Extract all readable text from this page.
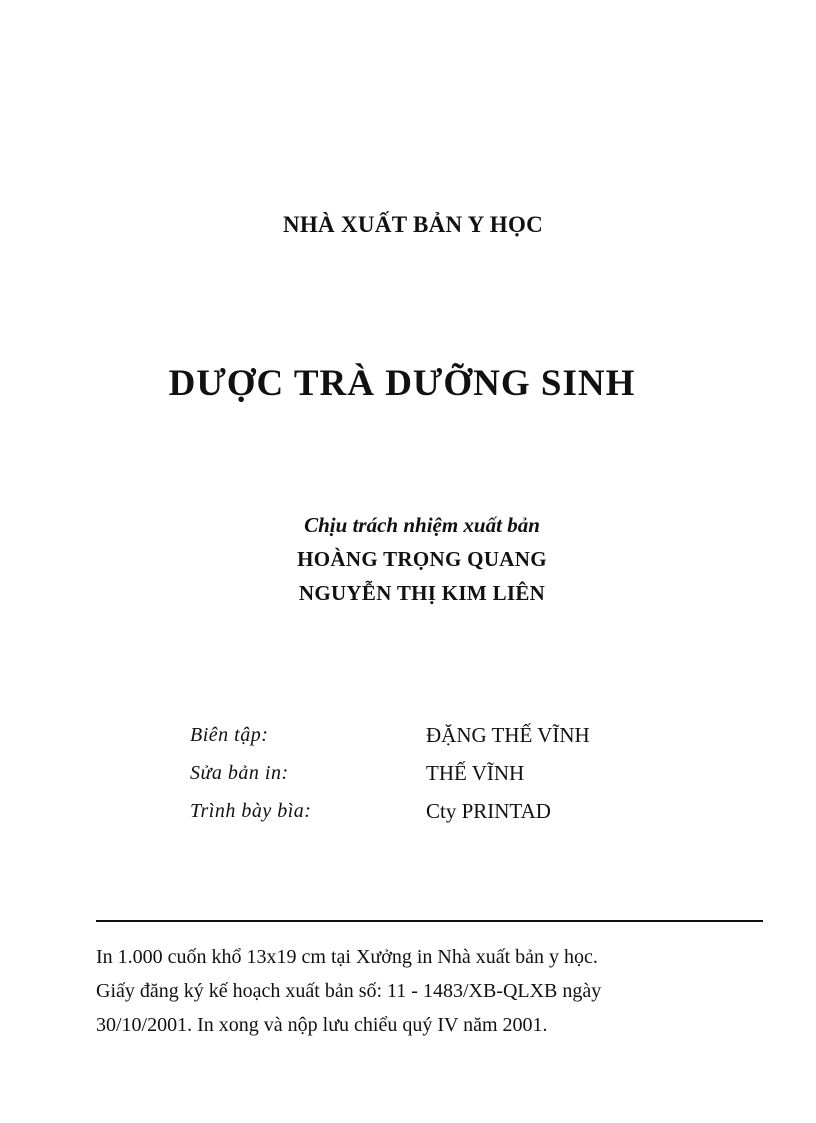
NHÀ XUẤT BẢN Y HỌC
DƯỢC TRÀ DƯỠNG SINH
Chịu trách nhiệm xuất bản
HOÀNG TRỌNG QUANG
NGUYỄN THỊ KIM LIÊN
Biên tập:	ĐẶNG THẾ VĨNH
Sửa bản in:	THẾ VĨNH
Trình bày bìa:	Cty PRINTAD

In 1.000 cuốn khổ 13x19 cm tại Xưởng in Nhà xuất bản y học.

Giấy đăng ký kế hoạch xuất bản số: 11 - 1483/XB-QLXB ngày

30/10/2001. In xong và nộp lưu chiểu quý IV năm 2001.
